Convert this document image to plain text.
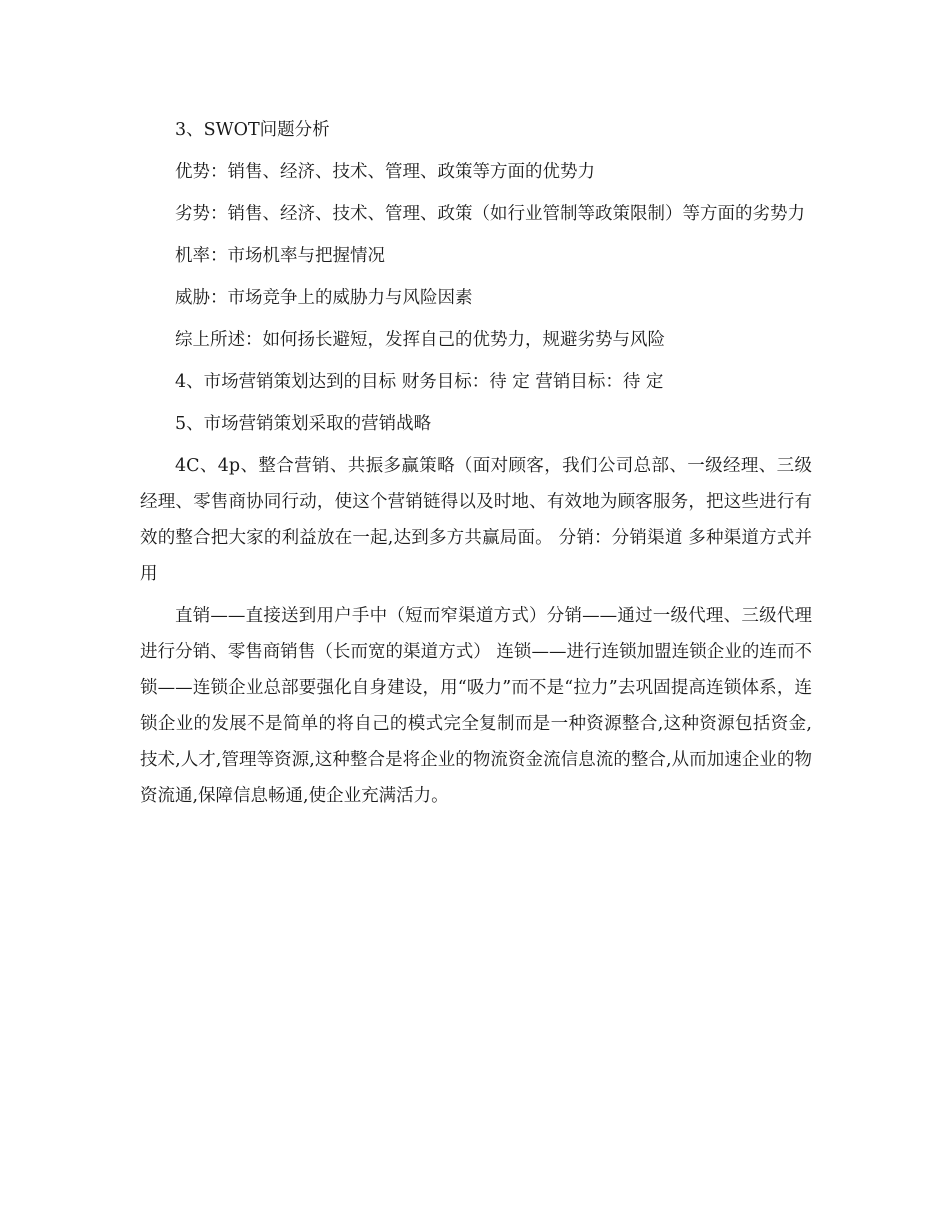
3、SWOT问题分析

优势：销售、经济、技术、管理、政策等方面的优势力

劣势：销售、经济、技术、管理、政策（如行业管制等政策限制）等方面的劣势力

机率：市场机率与把握情况

威胁：市场竞争上的威胁力与风险因素

综上所述：如何扬长避短，发挥自己的优势力，规避劣势与风险

4、市场营销策划达到的目标 财务目标：待 定 营销目标：待 定

5、市场营销策划采取的营销战略

4C、4p、整合营销、共振多赢策略（面对顾客，我们公司总部、一级经理、三级经理、零售商协同行动，使这个营销链得以及时地、有效地为顾客服务，把这些进行有效的整合把大家的利益放在一起,达到多方共赢局面。 分销：分销渠道 多种渠道方式并用

直销——直接送到用户手中（短而窄渠道方式）分销——通过一级代理、三级代理进行分销、零售商销售（长而宽的渠道方式） 连锁——进行连锁加盟连锁企业的连而不锁——连锁企业总部要强化自身建设，用“吸力”而不是“拉力”去巩固提高连锁体系，连锁企业的发展不是简单的将自己的模式完全复制而是一种资源整合,这种资源包括资金,技术,人才,管理等资源,这种整合是将企业的物流资金流信息流的整合,从而加速企业的物资流通,保障信息畅通,使企业充满活力。
